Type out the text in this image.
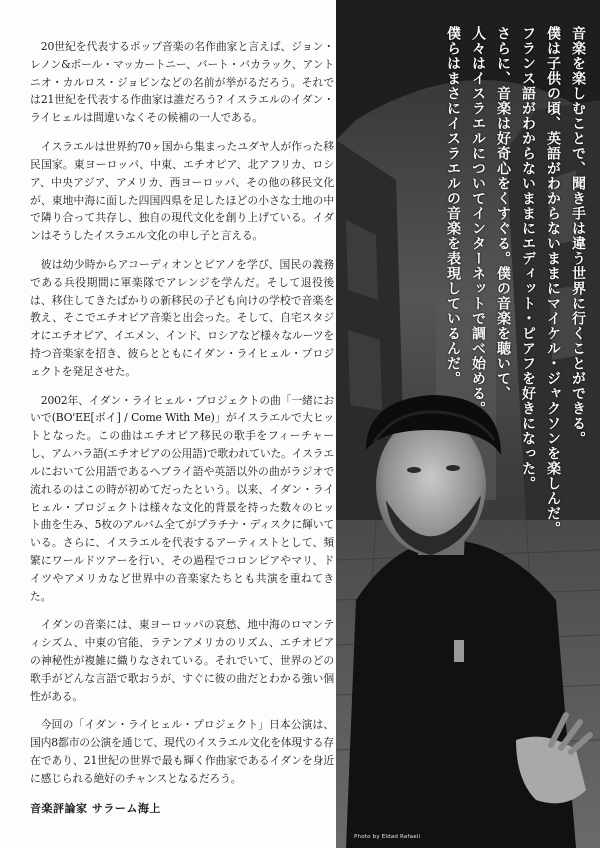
20世紀を代表するポップ音楽の名作曲家と言えば、ジョン・レノン&ポール・マッカートニー、バート・バカラック、アントニオ・カルロス・ジョビンなどの名前が挙がるだろう。それでは21世紀を代表する作曲家は誰だろう? イスラエルのイダン・ライヒェルは間違いなくその候補の一人である。

イスラエルは世界約70ヶ国から集まったユダヤ人が作った移民国家。東ヨーロッパ、中東、エチオピア、北アフリカ、ロシア、中央アジア、アメリカ、西ヨーロッパ、その他の移民文化が、東地中海に面した四国四県を足したほどの小さな土地の中で隣り合って共存し、独自の現代文化を創り上げている。イダンはそうしたイスラエル文化の申し子と言える。

彼は幼少時からアコーディオンとピアノを学び、国民の義務である兵役期間に軍楽隊でアレンジを学んだ。そして退役後は、移住してきたばかりの新移民の子ども向けの学校で音楽を教え、そこでエチオピア音楽と出会った。そして、自宅スタジオにエチオピア、イエメン、インド、ロシアなど様々なルーツを持つ音楽家を招き、彼らとともにイダン・ライヒェル・プロジェクトを発足させた。

2002年、イダン・ライヒェル・プロジェクトの曲「一緒においで(BO'EE[ボイ] / Come With Me)」がイスラエルで大ヒットとなった。この曲はエチオピア移民の歌手をフィーチャーし、アムハラ語(エチオピアの公用語)で歌われていた。イスラエルにおいて公用語であるヘブライ語や英語以外の曲がラジオで流れるのはこの時が初めてだったという。以来、イダン・ライヒェル・プロジェクトは様々な文化的背景を持った数々のヒット曲を生み、5枚のアルバム全てがプラチナ・ディスクに輝いている。さらに、イスラエルを代表するアーティストとして、頻繁にワールドツアーを行い、その過程でコロンビアやマリ、ドイツやアメリカなど世界中の音楽家たちとも共演を重ねてきた。

イダンの音楽には、東ヨーロッパの哀愁、地中海のロマンティシズム、中東の官能、ラテンアメリカのリズム、エチオピアの神秘性が複雑に織りなされている。それでいて、世界のどの歌手がどんな言語で歌おうが、すぐに彼の曲だとわかる強い個性がある。

今回の「イダン・ライヒェル・プロジェクト」日本公演は、国内8都市の公演を通じて、現代のイスラエル文化を体現する存在であり、21世紀の世界で最も輝く作曲家であるイダンを身近に感じられる絶好のチャンスとなるだろう。

音楽評論家 サラーム海上
音楽を楽しむことで、聞き手は違う世界に行くことができる。
僕は子供の頃、英語がわからないままにマイケル・ジャクソンを楽しんだ。
フランス語がわからないままにエディット・ピアフを好きになった。
さらに、音楽は好奇心をくすぐる。僕の音楽を聴いて、
人々はイスラエルについてインターネットで調べ始める。
僕らはまさにイスラエルの音楽を表現しているんだ。
Photo by Eldad Rafaeli
